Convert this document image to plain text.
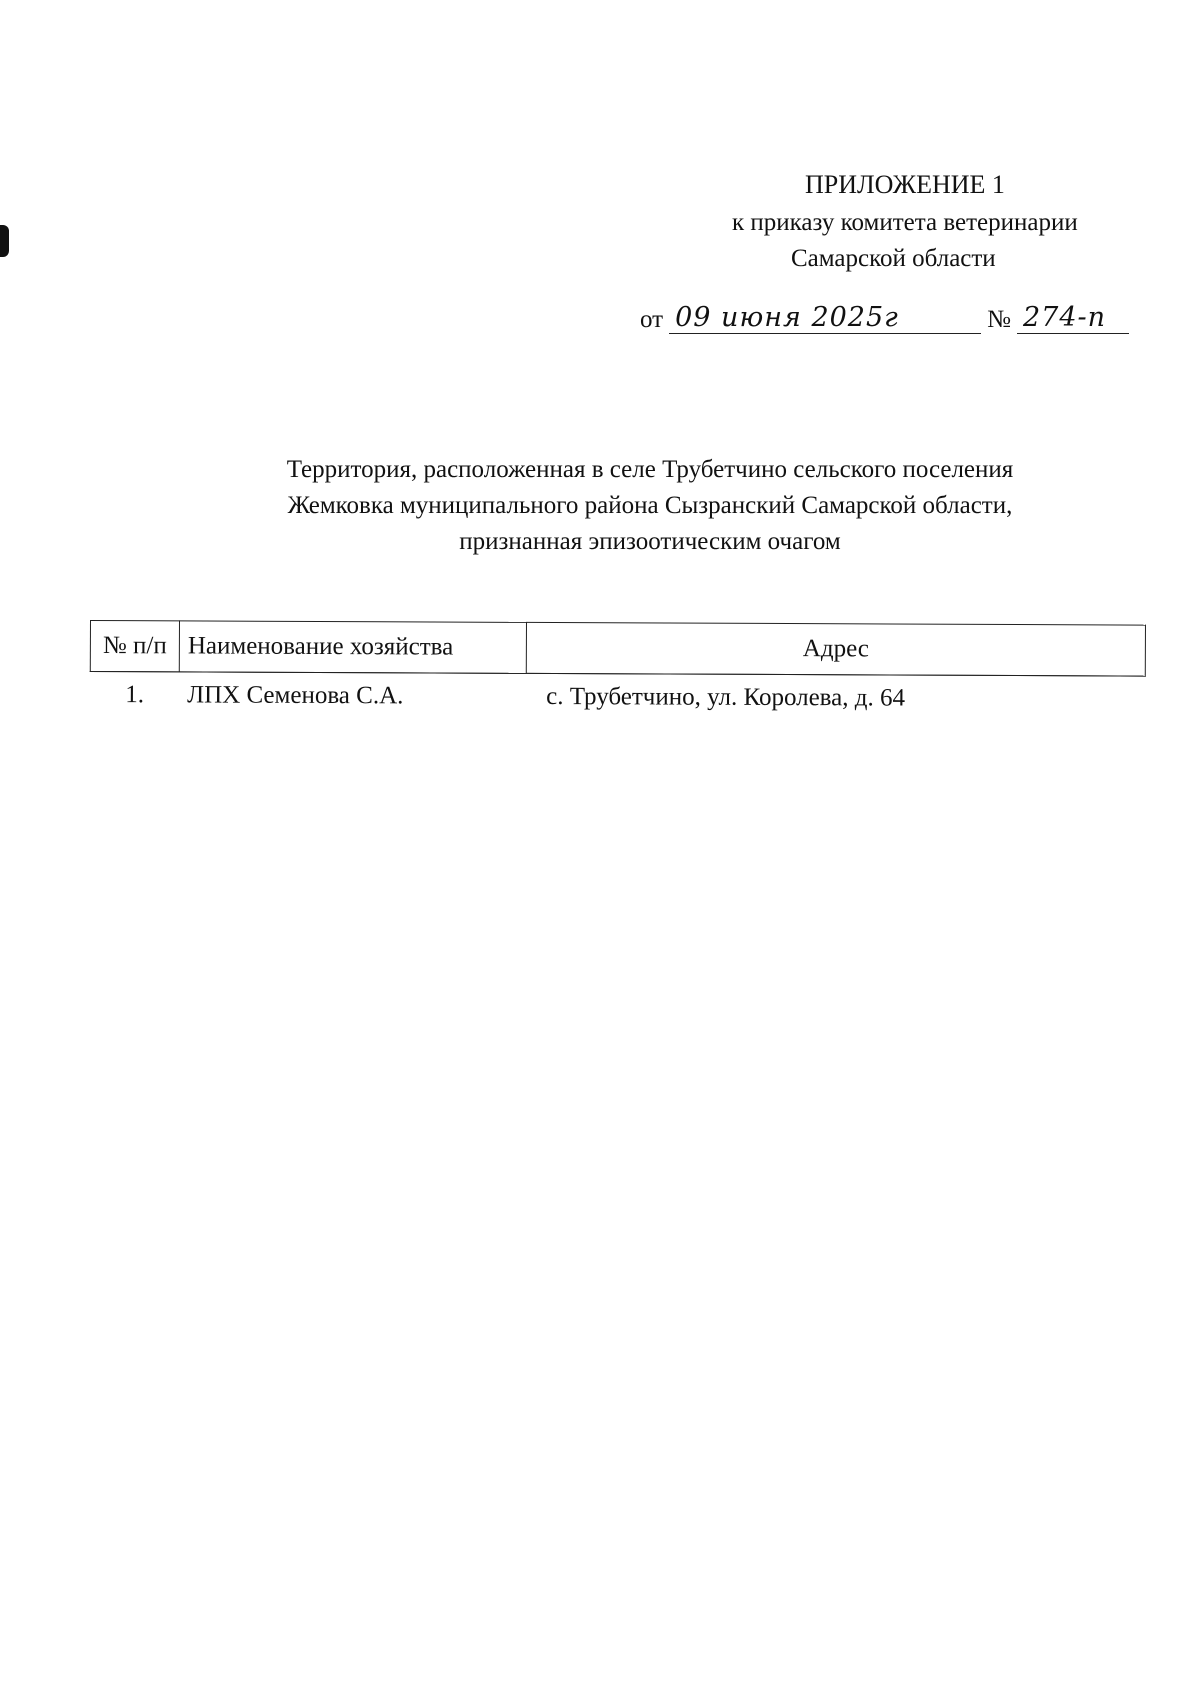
ПРИЛОЖЕНИЕ 1
к приказу комитета ветеринарии
Самарской области
от 09 июня 2025г	№ 274-п
Территория, расположенная в селе Трубетчино сельского поселения
Жемковка муниципального района Сызранский Самарской области,
признанная эпизоотическим очагом
№ п/п	Наименование хозяйства	Адрес
1.	ЛПХ Семенова С.А.	с. Трубетчино, ул. Королева, д. 64
